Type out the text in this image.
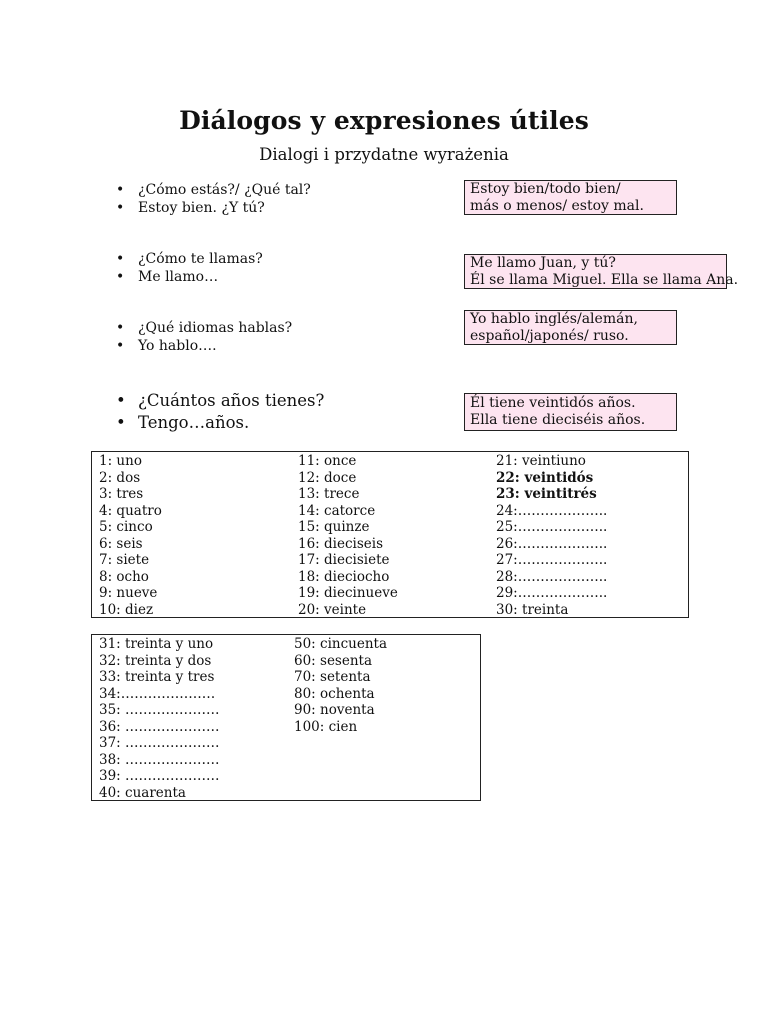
Diálogos y expresiones útiles
Dialogi i przydatne wyrażenia
• ¿Cómo estás?/ ¿Qué tal?
• Estoy bien. ¿Y tú?
Estoy bien/todo bien/
más o menos/ estoy mal.
• ¿Cómo te llamas?
• Me llamo…
Me llamo Juan, y tú?
Él se llama Miguel. Ella se llama Ana.
• ¿Qué idiomas hablas?
• Yo hablo….
Yo hablo inglés/alemán,
español/japonés/ ruso.
• ¿Cuántos años tienes?
• Tengo…años.
Él tiene veintidós años.
Ella tiene dieciséis años.
1: uno
2: dos
3: tres
4: quatro
5: cinco
6: seis
7: siete
8: ocho
9: nueve
10: diez
11: once
12: doce
13: trece
14: catorce
15: quinze
16: dieciseis
17: diecisiete
18: dieciocho
19: diecinueve
20: veinte
21: veintiuno
22: veintidós
23: veintitrés
24:………………..
25:………………..
26:………………..
27:………………..
28:………………..
29:………………..
30: treinta
31: treinta y uno
32: treinta y dos
33: treinta y tres
34:…………………
35: …………………
36: …………………
37: …………………
38: …………………
39: …………………
40: cuarenta
50: cincuenta
60: sesenta
70: setenta
80: ochenta
90: noventa
100: cien
